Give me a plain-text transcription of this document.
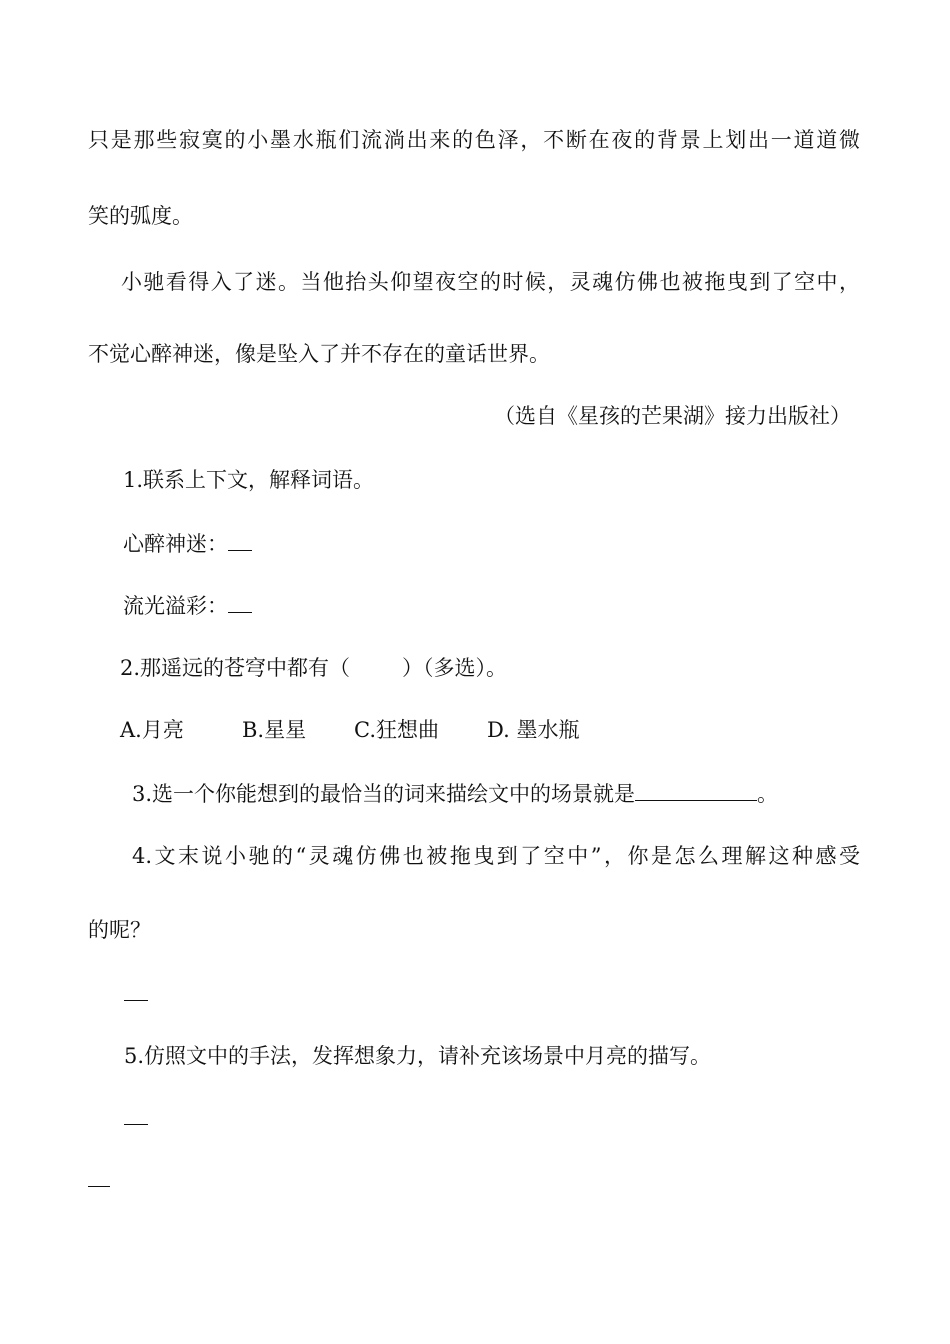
只是那些寂寞的小墨水瓶们流淌出来的色泽，不断在夜的背景上划出一道道微
笑的弧度。
小驰看得入了迷。当他抬头仰望夜空的时候，灵魂仿佛也被拖曳到了空中，
不觉心醉神迷，像是坠入了并不存在的童话世界。
（选自《星孩的芒果湖》接力出版社）
1.联系上下文，解释词语。
心醉神迷：
流光溢彩：
2.那遥远的苍穹中都有（ ）（多选）。
A.月亮	B.星星 C.狂想曲 D. 墨水瓶
3.选一个你能想到的最恰当的词来描绘文中的场景就是	。
4.文末说小驰的“灵魂仿佛也被拖曳到了空中”，你是怎么理解这种感受
的呢？
5.仿照文中的手法，发挥想象力，请补充该场景中月亮的描写。
